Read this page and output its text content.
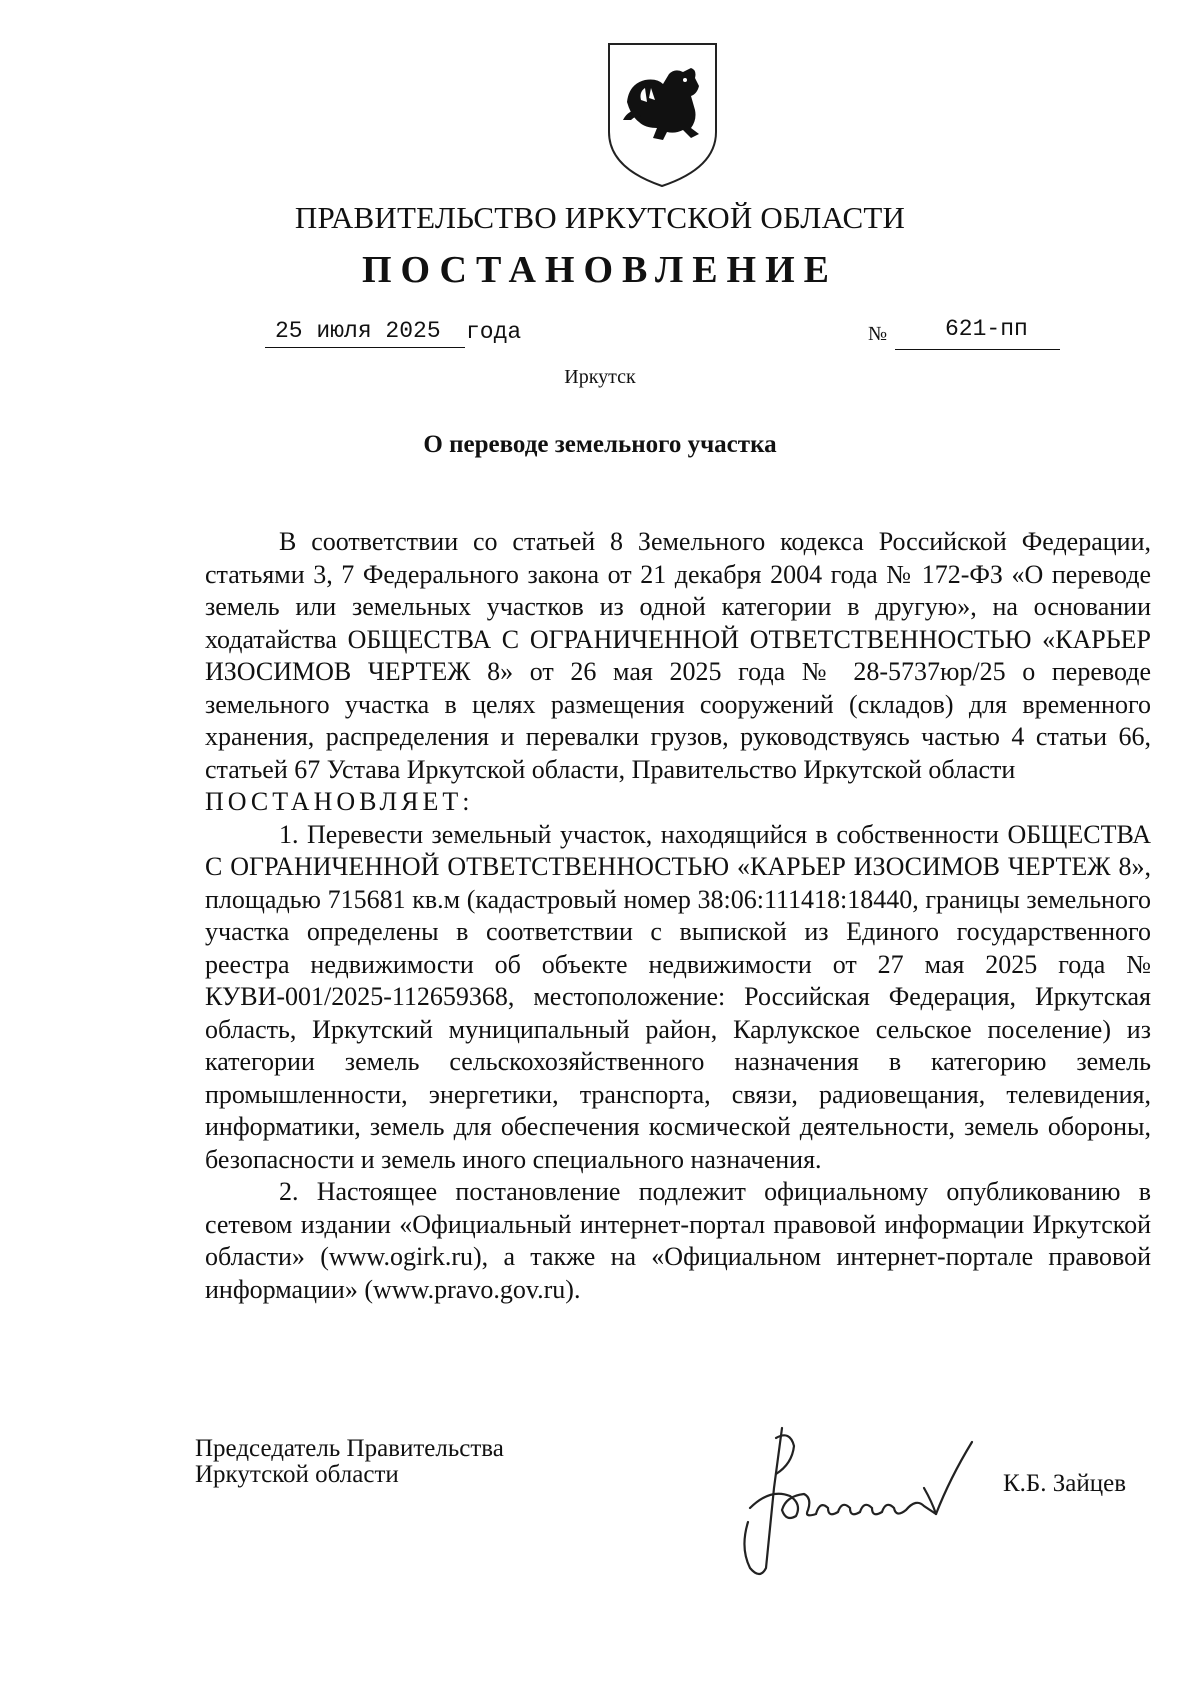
ПРАВИТЕЛЬСТВО ИРКУТСКОЙ ОБЛАСТИ
ПОСТАНОВЛЕНИЕ
25 июля 2025 года	№	621-пп
Иркутск
О переводе земельного участка

В соответствии со статьей 8 Земельного кодекса Российской Федерации, статьями 3, 7 Федерального закона от 21 декабря 2004 года № 172-ФЗ «О переводе земель или земельных участков из одной категории в другую», на основании ходатайства ОБЩЕСТВА С ОГРАНИЧЕННОЙ ОТВЕТСТВЕННОСТЬЮ «КАРЬЕР ИЗОСИМОВ ЧЕРТЕЖ 8» от 26 мая 2025 года № 28-5737юр/25 о переводе земельного участка в целях размещения сооружений (складов) для временного хранения, распределения и перевалки грузов, руководствуясь частью 4 статьи 66, статьей 67 Устава Иркутской области, Правительство Иркутской области

ПОСТАНОВЛЯЕТ:

1. Перевести земельный участок, находящийся в собственности ОБЩЕСТВА С ОГРАНИЧЕННОЙ ОТВЕТСТВЕННОСТЬЮ «КАРЬЕР ИЗОСИМОВ ЧЕРТЕЖ 8», площадью 715681 кв.м (кадастровый номер 38:06:111418:18440, границы земельного участка определены в соответствии с выпиской из Единого государственного реестра недвижимости об объекте недвижимости от 27 мая 2025 года № КУВИ-001/2025-112659368, местоположение: Российская Федерация, Иркутская область, Иркутский муниципальный район, Карлукское сельское поселение) из категории земель сельскохозяйственного назначения в категорию земель промышленности, энергетики, транспорта, связи, радиовещания, телевидения, информатики, земель для обеспечения космической деятельности, земель обороны, безопасности и земель иного специального назначения.

2. Настоящее постановление подлежит официальному опубликованию в сетевом издании «Официальный интернет-портал правовой информации Иркутской области» (www.ogirk.ru), а также на «Официальном интернет-портале правовой информации» (www.pravo.gov.ru).

Председатель Правительства
Иркутской области	К.Б. Зайцев
